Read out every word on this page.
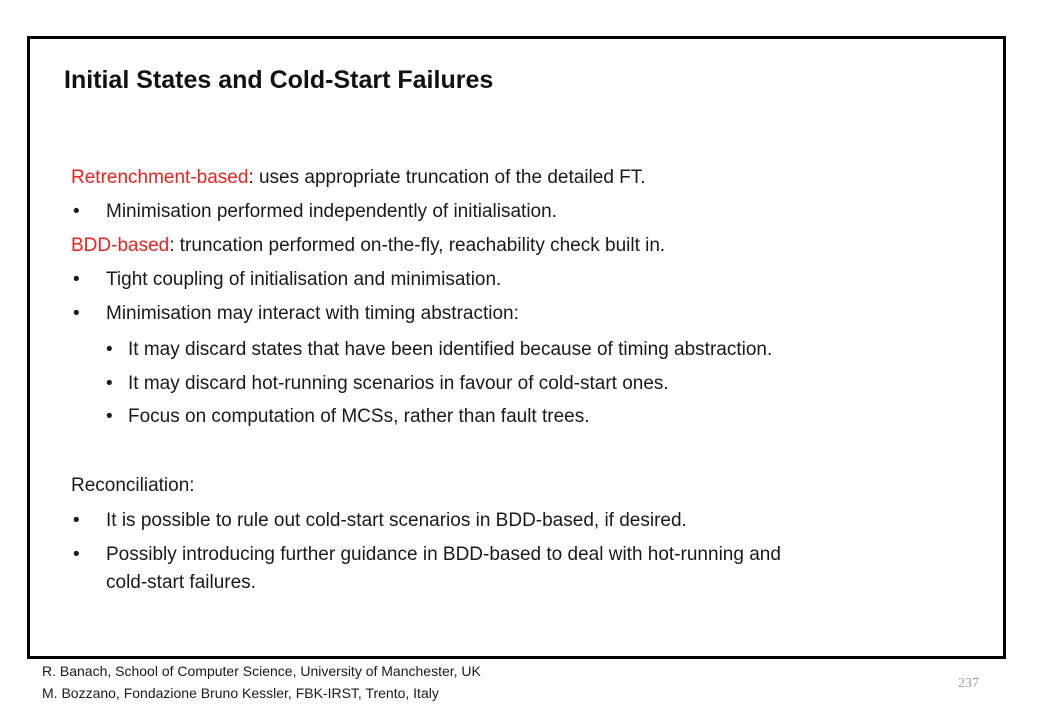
Initial States and Cold-Start Failures
Retrenchment-based: uses appropriate truncation of the detailed FT.
• Minimisation performed independently of initialisation.
BDD-based: truncation performed on-the-fly, reachability check built in.
• Tight coupling of initialisation and minimisation.
• Minimisation may interact with timing abstraction:
• It may discard states that have been identified because of timing abstraction.
• It may discard hot-running scenarios in favour of cold-start ones.
• Focus on computation of MCSs, rather than fault trees.
Reconciliation:
• It is possible to rule out cold-start scenarios in BDD-based, if desired.
• Possibly introducing further guidance in BDD-based to deal with hot-running and
cold-start failures.
R. Banach, School of Computer Science, University of Manchester, UK
M. Bozzano, Fondazione Bruno Kessler, FBK-IRST, Trento, Italy
237
